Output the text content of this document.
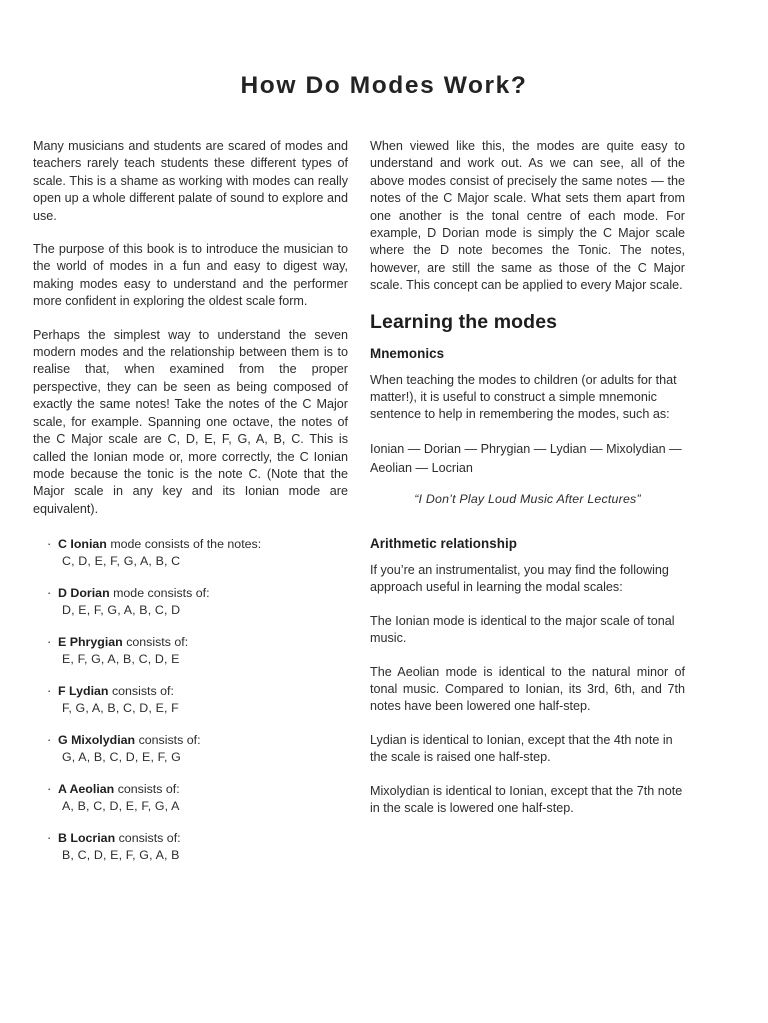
How Do Modes Work?

Many musicians and students are scared of modes and teachers rarely teach students these different types of scale. This is a shame as working with modes can really open up a whole different palate of sound to explore and use.

The purpose of this book is to introduce the musician to the world of modes in a fun and easy to digest way, making modes easy to understand and the performer more confident in exploring the oldest scale form.

Perhaps the simplest way to understand the seven modern modes and the relationship between them is to realise that, when examined from the proper perspective, they can be seen as being composed of exactly the same notes! Take the notes of the C Major scale, for example. Spanning one octave, the notes of the C Major scale are C, D, E, F, G, A, B, C. This is called the Ionian mode or, more correctly, the C Ionian mode because the tonic is the note C. (Note that the Major scale in any key and its Ionian mode are equivalent).

· C Ionian mode consists of the notes:
C, D, E, F, G, A, B, C
· D Dorian mode consists of:
D, E, F, G, A, B, C, D
· E Phrygian consists of:
E, F, G, A, B, C, D, E
· F Lydian consists of:
F, G, A, B, C, D, E, F
· G Mixolydian consists of:
G, A, B, C, D, E, F, G
· A Aeolian consists of:
A, B, C, D, E, F, G, A
· B Locrian consists of:
B, C, D, E, F, G, A, B

When viewed like this, the modes are quite easy to understand and work out. As we can see, all of the above modes consist of precisely the same notes — the notes of the C Major scale. What sets them apart from one another is the tonal centre of each mode. For example, D Dorian mode is simply the C Major scale where the D note becomes the Tonic. The notes, however, are still the same as those of the C Major scale. This concept can be applied to every Major scale.

Learning the modes
Mnemonics

When teaching the modes to children (or adults for that matter!), it is useful to construct a simple mnemonic sentence to help in remembering the modes, such as:

Ionian — Dorian — Phrygian — Lydian — Mixolydian — Aeolian — Locrian

“I Don’t Play Loud Music After Lectures”

Arithmetic relationship

If you’re an instrumentalist, you may find the following approach useful in learning the modal scales:

The Ionian mode is identical to the major scale of tonal music.

The Aeolian mode is identical to the natural minor of tonal music. Compared to Ionian, its 3rd, 6th, and 7th notes have been lowered one half-step.

Lydian is identical to Ionian, except that the 4th note in the scale is raised one half-step.

Mixolydian is identical to Ionian, except that the 7th note in the scale is lowered one half-step.
